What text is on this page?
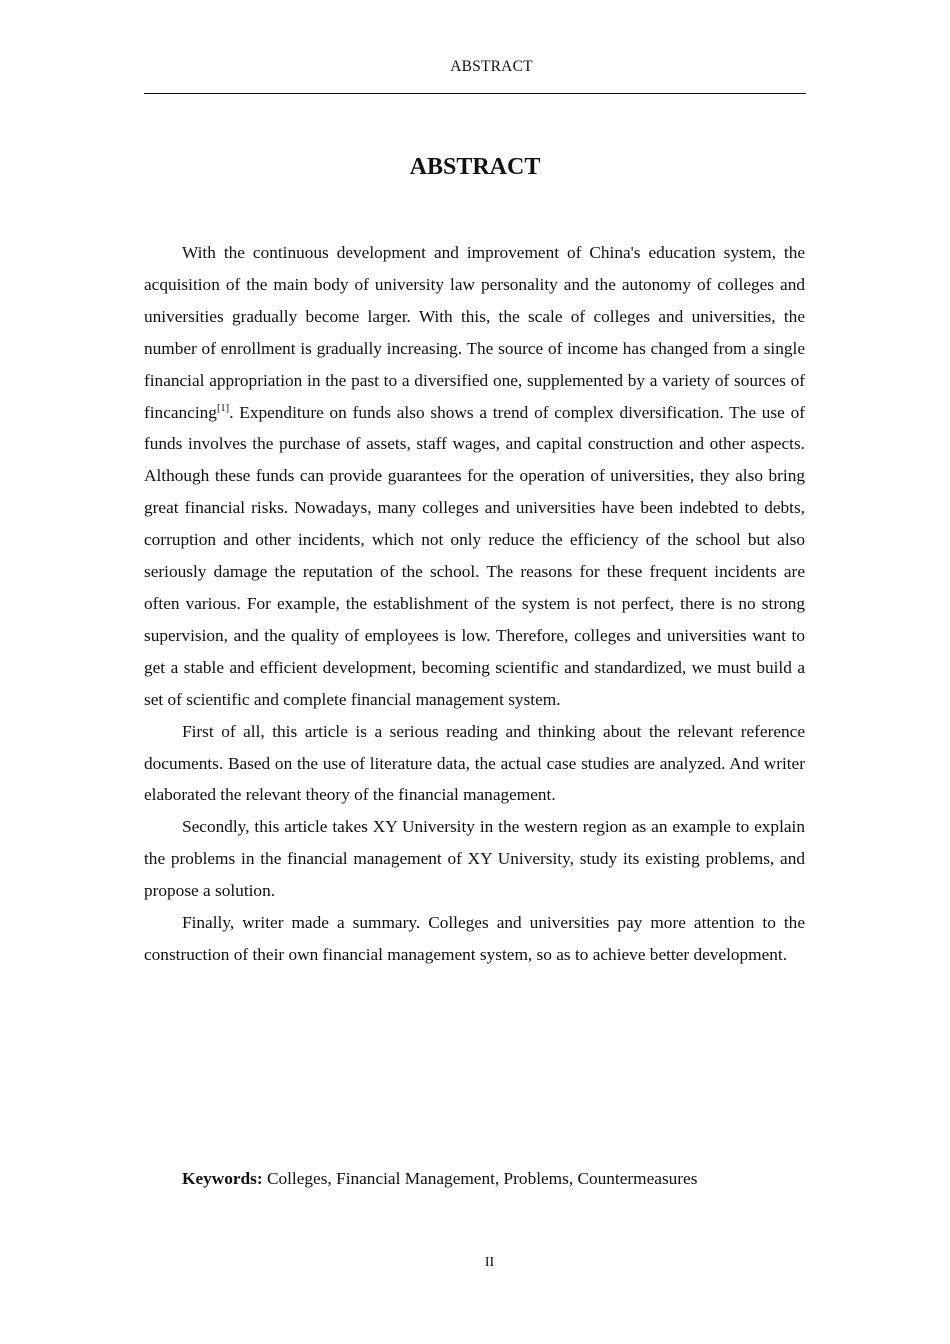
ABSTRACT
ABSTRACT

With the continuous development and improvement of China's education system, the acquisition of the main body of university law personality and the autonomy of colleges and universities gradually become larger. With this, the scale of colleges and universities, the number of enrollment is gradually increasing. The source of income has changed from a single financial appropriation in the past to a diversified one, supplemented by a variety of sources of fincancing[1]. Expenditure on funds also shows a trend of complex diversification. The use of funds involves the purchase of assets, staff wages, and capital construction and other aspects. Although these funds can provide guarantees for the operation of universities, they also bring great financial risks. Nowadays, many colleges and universities have been indebted to debts, corruption and other incidents, which not only reduce the efficiency of the school but also seriously damage the reputation of the school. The reasons for these frequent incidents are often various. For example, the establishment of the system is not perfect, there is no strong supervision, and the quality of employees is low. Therefore, colleges and universities want to get a stable and efficient development, becoming scientific and standardized, we must build a set of scientific and complete financial management system.

First of all, this article is a serious reading and thinking about the relevant reference documents. Based on the use of literature data, the actual case studies are analyzed. And writer elaborated the relevant theory of the financial management.

Secondly, this article takes XY University in the western region as an example to explain the problems in the financial management of XY University, study its existing problems, and propose a solution.

Finally, writer made a summary. Colleges and universities pay more attention to the construction of their own financial management system, so as to achieve better development.

Keywords: Colleges, Financial Management, Problems, Countermeasures
II
